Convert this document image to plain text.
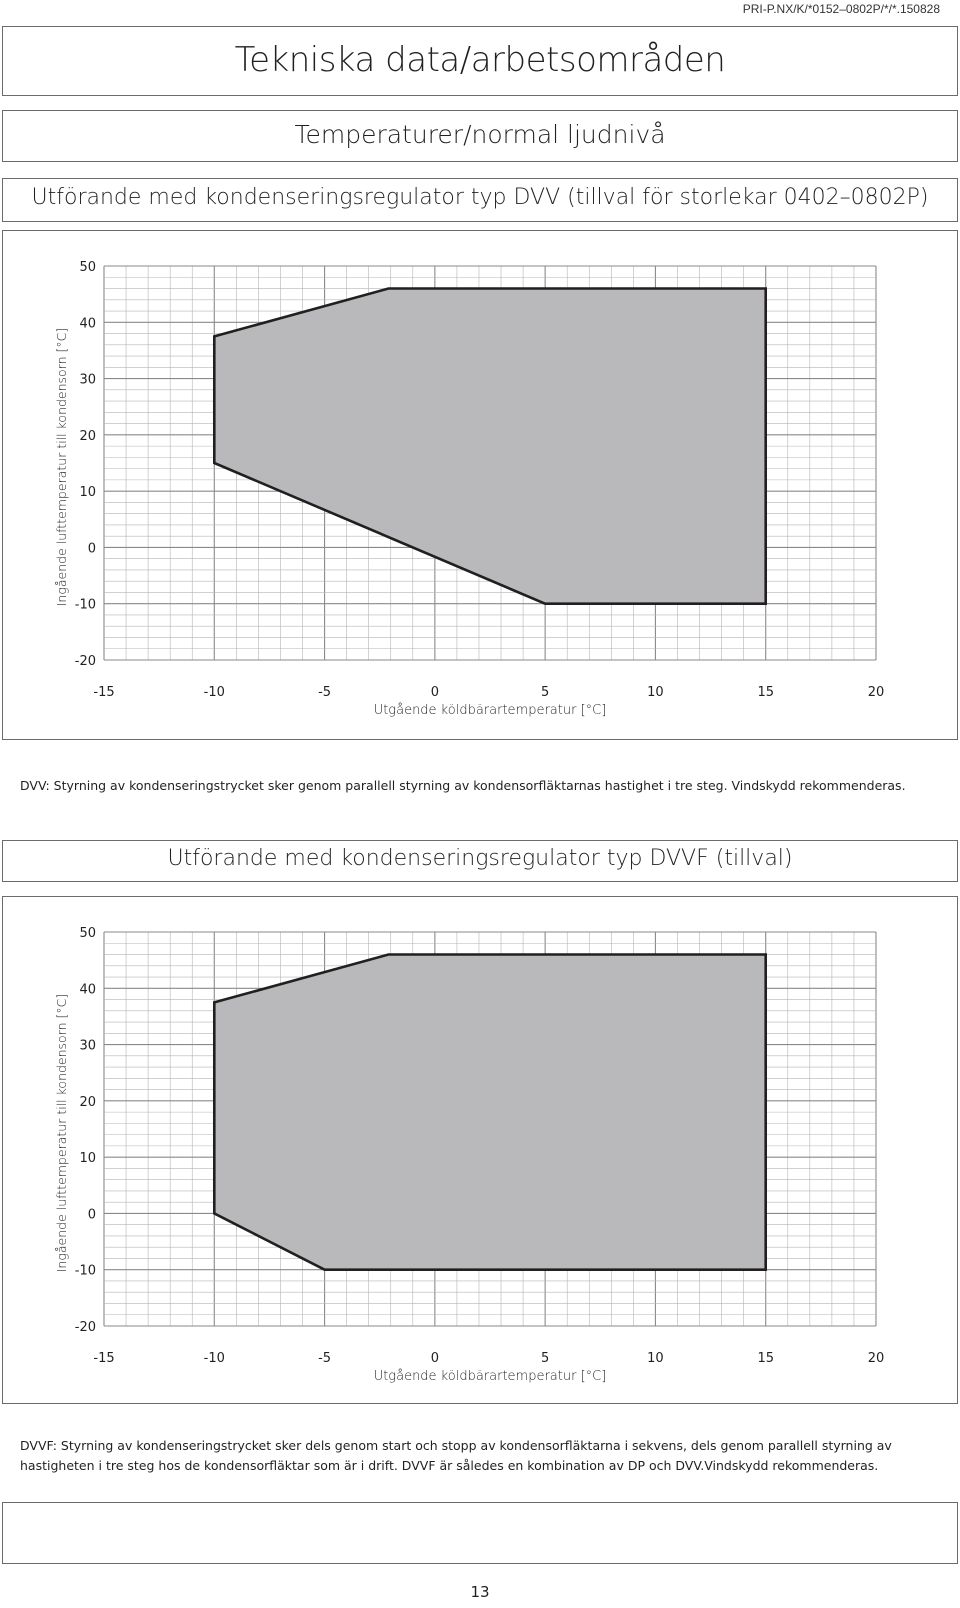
PRI-P.NX/K/*0152–0802P/*/*.150828
Tekniska data/arbetsområden
Temperaturer/normal ljudnivå
Utförande med kondenseringsregulator typ DVV (tillval för storlekar 0402–0802P)
50
40
30
20
10
0
-10
-20
-15	-10	-5	0	5	10	15	20
Utgående köldbärartemperatur [°C]
Ingående lufttemperatur till kondensorn [°C]
DVV: Styrning av kondenseringstrycket sker genom parallell styrning av kondensorfläktarnas hastighet i tre steg. Vindskydd rekommenderas.
Utförande med kondenseringsregulator typ DVVF (tillval)
50
40
30
20
10
0
-10
-20
-15	-10	-5	0	5	10	15	20
Utgående köldbärartemperatur [°C]
Ingående lufttemperatur till kondensorn [°C]
DVVF: Styrning av kondenseringstrycket sker dels genom start och stopp av kondensorfläktarna i sekvens, dels genom parallell styrning av hastigheten i tre steg hos de kondensorfläktar som är i drift. DVVF är således en kombination av DP och DVV.Vindskydd rekommenderas.
13
